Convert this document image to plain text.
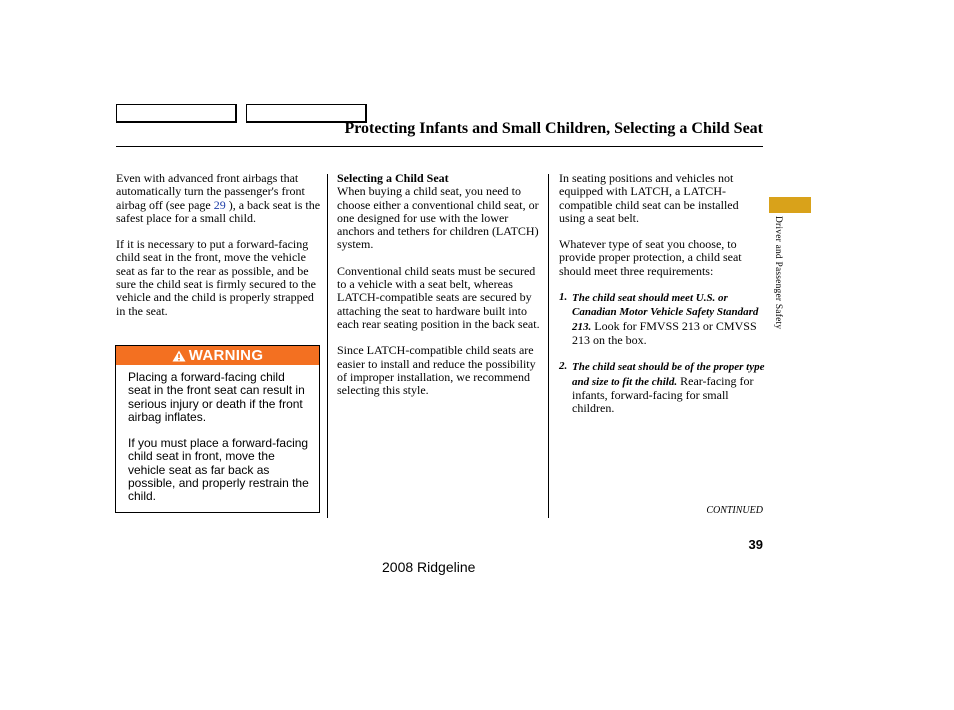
Protecting Infants and Small Children, Selecting a Child Seat

Even with advanced front airbags that automatically turn the passenger's front airbag off (see page 29 ), a back seat is the safest place for a small child.

If it is necessary to put a forward-facing child seat in the front, move the vehicle seat as far to the rear as possible, and be sure the child seat is firmly secured to the vehicle and the child is properly strapped in the seat.

WARNING

Placing a forward-facing child seat in the front seat can result in serious injury or death if the front airbag inflates.

If you must place a forward-facing child seat in front, move the vehicle seat as far back as possible, and properly restrain the child.

Selecting a Child Seat

When buying a child seat, you need to choose either a conventional child seat, or one designed for use with the lower anchors and tethers for children (LATCH) system.

Conventional child seats must be secured to a vehicle with a seat belt, whereas LATCH-compatible seats are secured by attaching the seat to hardware built into each rear seating position in the back seat.

Since LATCH-compatible child seats are easier to install and reduce the possibility of improper installation, we recommend selecting this style.

In seating positions and vehicles not equipped with LATCH, a LATCH-compatible child seat can be installed using a seat belt.

Whatever type of seat you choose, to provide proper protection, a child seat should meet three requirements:

1. The child seat should meet U.S. or Canadian Motor Vehicle Safety Standard 213. Look for FMVSS 213 or CMVSS 213 on the box.
2. The child seat should be of the proper type and size to fit the child. Rear-facing for infants, forward-facing for small children.
Driver and Passenger Safety
CONTINUED
39
2008 Ridgeline
